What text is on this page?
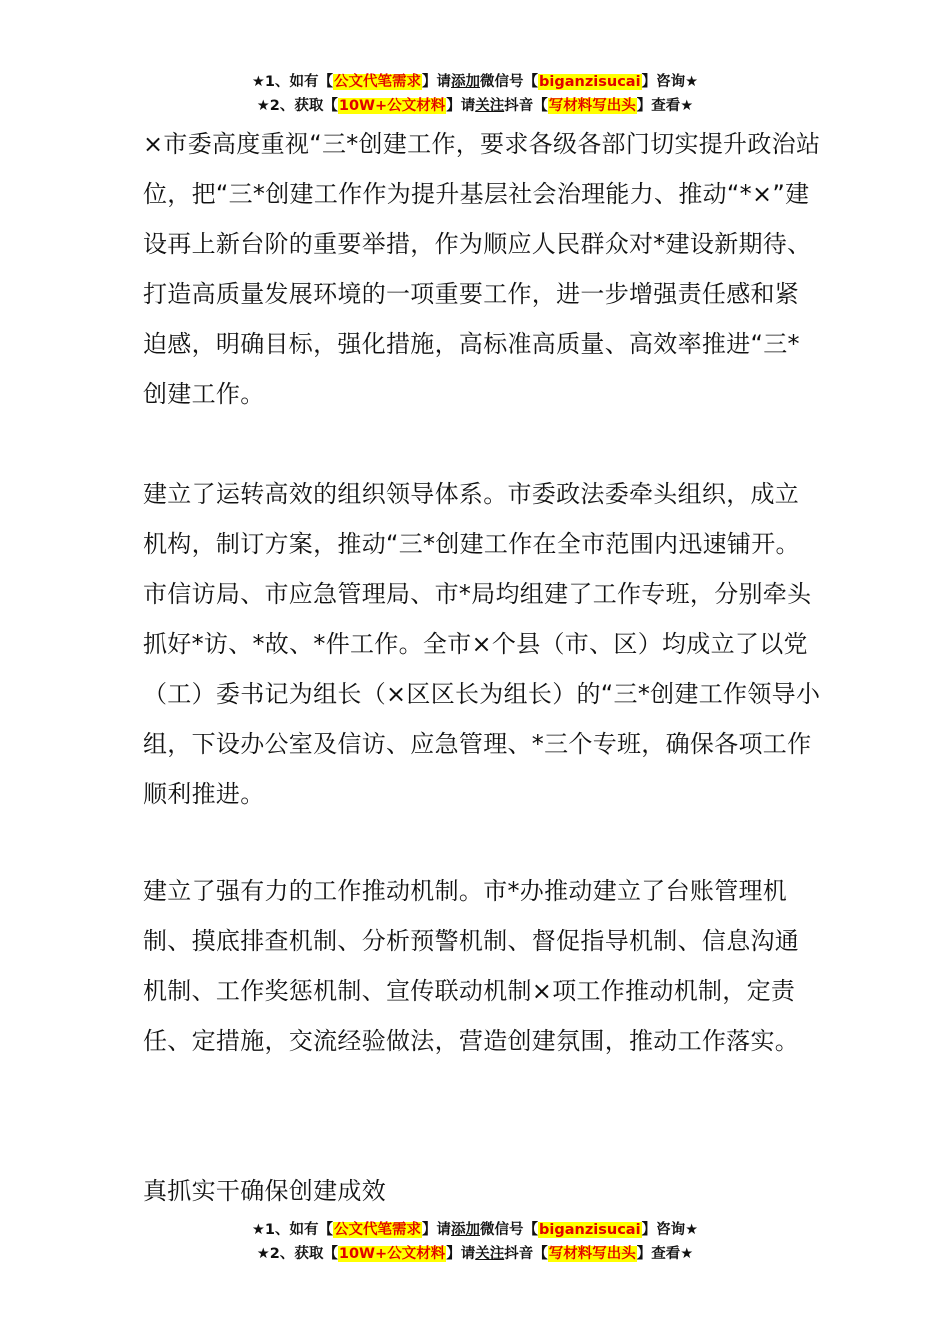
★1、如有【公文代笔需求】请添加微信号【biganzisucai】咨询★
★2、获取【10W+公文材料】请关注抖音【写材料写出头】查看★
×市委高度重视“三*创建工作，要求各级各部门切实提升政治站位，把“三*创建工作作为提升基层社会治理能力、推动“*×”建设再上新台阶的重要举措，作为顺应人民群众对*建设新期待、打造高质量发展环境的一项重要工作，进一步增强责任感和紧迫感，明确目标，强化措施，高标准高质量、高效率推进“三*创建工作。
建立了运转高效的组织领导体系。市委政法委牵头组织，成立机构，制订方案，推动“三*创建工作在全市范围内迅速铺开。市信访局、市应急管理局、市*局均组建了工作专班，分别牵头抓好*访、*故、*件工作。全市×个县（市、区）均成立了以党（工）委书记为组长（×区区长为组长）的“三*创建工作领导小组，下设办公室及信访、应急管理、*三个专班，确保各项工作顺利推进。
建立了强有力的工作推动机制。市*办推动建立了台账管理机制、摸底排查机制、分析预警机制、督促指导机制、信息沟通机制、工作奖惩机制、宣传联动机制×项工作推动机制，定责任、定措施，交流经验做法，营造创建氛围，推动工作落实。
真抓实干确保创建成效
★1、如有【公文代笔需求】请添加微信号【biganzisucai】咨询★
★2、获取【10W+公文材料】请关注抖音【写材料写出头】查看★
